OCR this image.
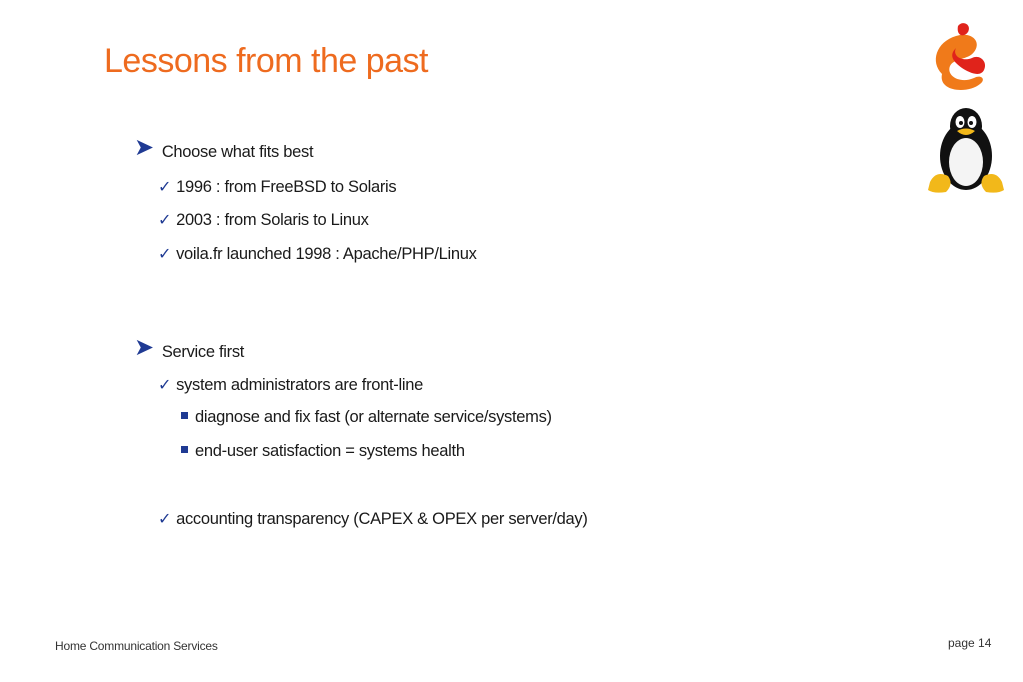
Lessons from the past
➤ Choose what fits best
✓ 1996 : from FreeBSD to Solaris
✓ 2003 : from Solaris to Linux
✓ voila.fr launched 1998 : Apache/PHP/Linux
➤ Service first
✓ system administrators are front-line
diagnose and fix fast (or alternate service/systems)
end-user satisfaction = systems health
✓ accounting transparency (CAPEX & OPEX per server/day)
Home Communication Services	page 14
